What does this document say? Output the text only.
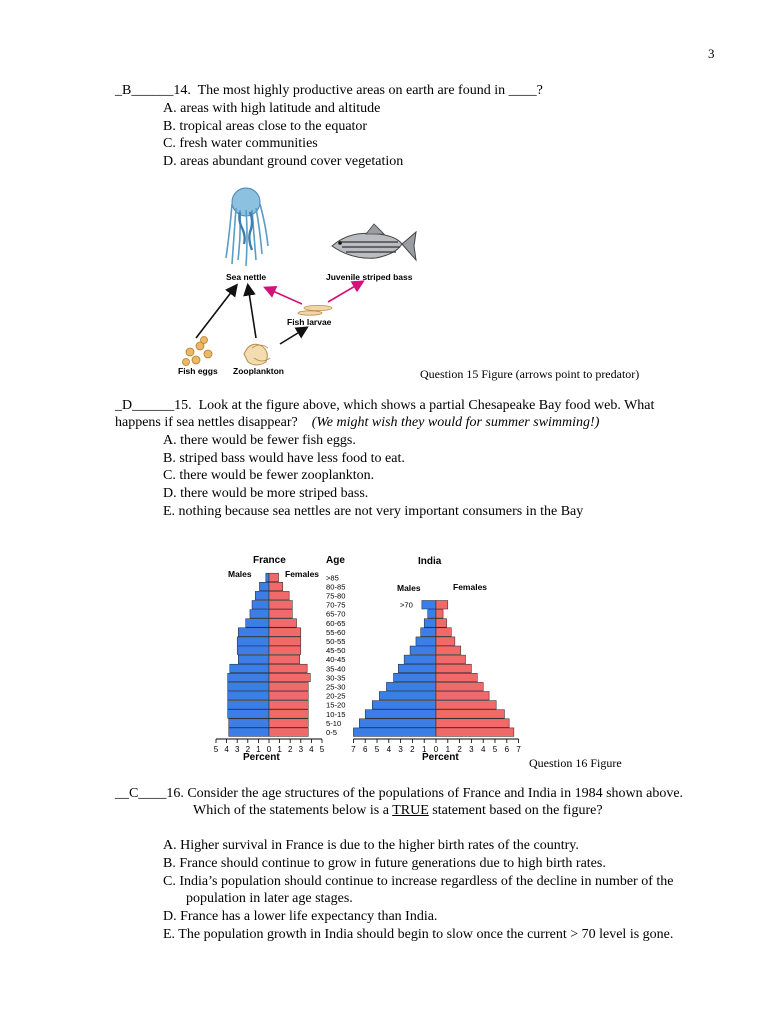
3
_B______14. The most highly productive areas on earth are found in ____?
A. areas with high latitude and altitude
B. tropical areas close to the equator
C. fresh water communities
D. areas abundant ground cover vegetation
Sea nettle	Juvenile striped bass
Fish larvae
Fish eggs Zooplankton	Question 15 Figure (arrows point to predator)
_D______15. Look at the figure above, which shows a partial Chesapeake Bay food web. What
happens if sea nettles disappear? (We might wish they would for summer swimming!)
A. there would be fewer fish eggs.
B. striped bass would have less food to eat.
C. there would be fewer zooplankton.
D. there would be more striped bass.
E. nothing because sea nettles are not very important consumers in the Bay
5 4 3 2 1 0 1 2 3 4 5	7 6 5 4 3 2 1 0 1 2 3 4 5 6 7
0-5
5-10
10-15
15-20
20-25
25-30
30-35
35-40
40-45
45-50
50-55
55-60
60-65
65-70
70-75
75-80
80-85
>85
>70
France	Age	India
Males	Females
Males	Females
Percent	Percent	Question 16 Figure
__C____16. Consider the age structures of the populations of France and India in 1984 shown above.
Which of the statements below is a TRUE statement based on the figure?
A. Higher survival in France is due to the higher birth rates of the country.
B. France should continue to grow in future generations due to high birth rates.
C. India’s population should continue to increase regardless of the decline in number of the
population in later age stages.
D. France has a lower life expectancy than India.
E. The population growth in India should begin to slow once the current > 70 level is gone.
